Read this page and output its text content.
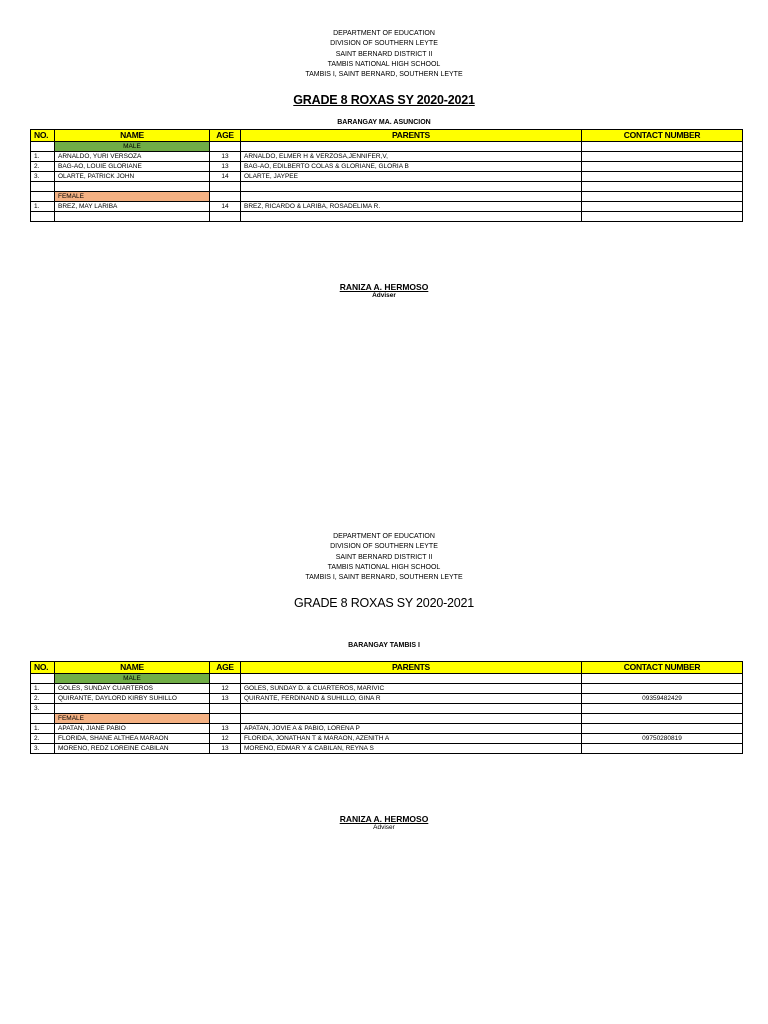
DEPARTMENT OF EDUCATION
DIVISION OF SOUTHERN LEYTE
SAINT BERNARD DISTRICT II
TAMBIS NATIONAL HIGH SCHOOL
TAMBIS I, SAINT BERNARD, SOUTHERN LEYTE
GRADE 8 ROXAS SY 2020-2021
BARANGAY MA. ASUNCION
NO.	NAME	AGE	PARENTS	CONTACT NUMBER
	MALE			
1.	ARNALDO, YURI VERSOZA	13	ARNALDO, ELMER H & VERZOSA,JENNIFER,V,	
2.	BAG-AO, LOUIE GLORIANE	13	BAG-AO, EDILBERTO COLAS & GLORIANE, GLORIA B	
3.	OLARTE, PATRICK JOHN	14	OLARTE, JAYPEE	

	FEMALE			
1.	BREZ, MAY LARIBA	14	BREZ, RICARDO & LARIBA, ROSADELIMA R.	

RANIZA A. HERMOSO
Adviser
DEPARTMENT OF EDUCATION
DIVISION OF SOUTHERN LEYTE
SAINT BERNARD DISTRICT II
TAMBIS NATIONAL HIGH SCHOOL
TAMBIS I, SAINT BERNARD, SOUTHERN LEYTE
GRADE 8 ROXAS SY 2020-2021
BARANGAY TAMBIS I
NO.	NAME	AGE	PARENTS	CONTACT NUMBER
	MALE			
1.	GOLES, SUNDAY CUARTEROS	12	GOLES, SUNDAY D. & CUARTEROS, MARIVIC	
2.	QUIRANTE, DAYLORD KIRBY SUHILLO	13	QUIRANTE, FERDINAND & SUHILLO, GINA R	09359482429
3.				
	FEMALE			
1.	APATAN, JIANE PABIO	13	APATAN, JOVIE A & PABIO, LORENA P	
2.	FLORIDA, SHANE ALTHEA MARAON	12	FLORIDA, JONATHAN T & MARAON, AZENITH A	09750280819
3.	MORENO, REDZ LOREINE CABILAN	13	MORENO, EDMAR Y & CABILAN, REYNA S	
RANIZA A. HERMOSO
Adviser
